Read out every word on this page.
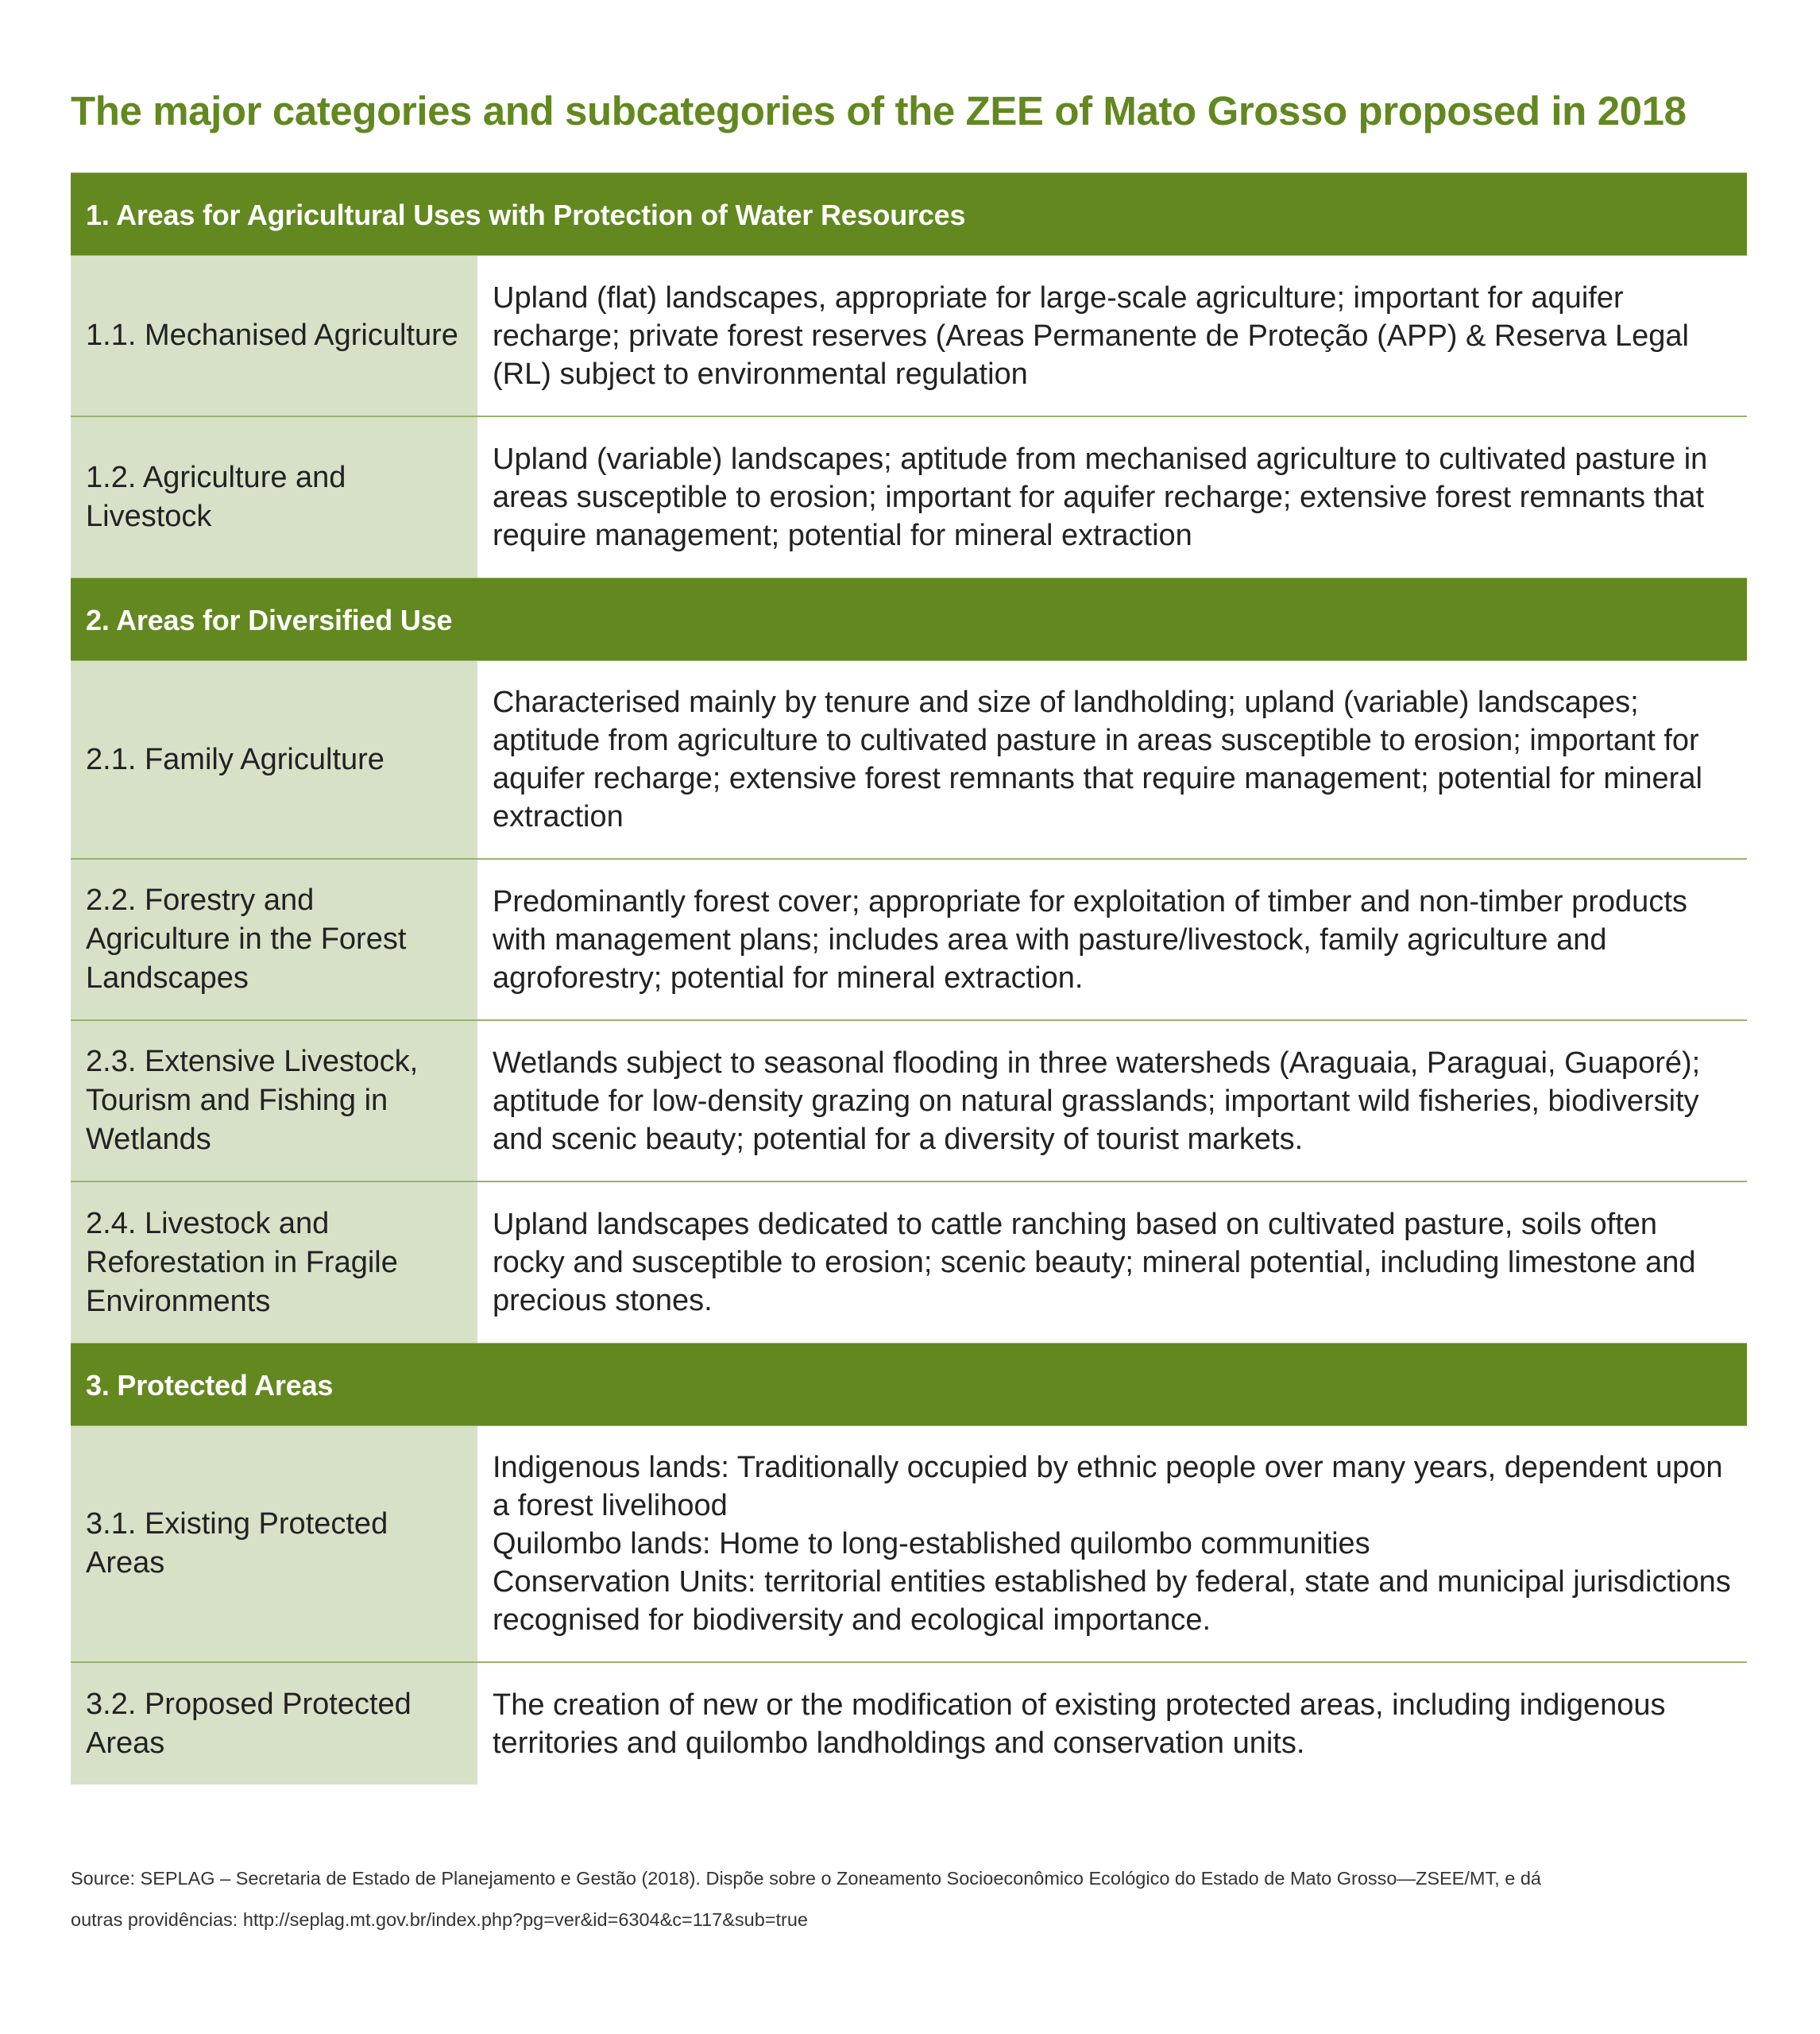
The major categories and subcategories of the ZEE of Mato Grosso proposed in 2018
1. Areas for Agricultural Uses with Protection of Water Resources
1.1. Mechanised Agriculture
Upland (flat) landscapes, appropriate for large-scale agriculture; important for aquifer recharge; private forest reserves (Areas Permanente de Proteção (APP) & Reserva Legal (RL) subject to environmental regulation
1.2. Agriculture and Livestock
Upland (variable) landscapes; aptitude from mechanised agriculture to cultivated pasture in areas susceptible to erosion; important for aquifer recharge; extensive forest remnants that require management; potential for mineral extraction
2. Areas for Diversified Use
2.1. Family Agriculture
Characterised mainly by tenure and size of landholding; upland (variable) landscapes; aptitude from agriculture to cultivated pasture in areas susceptible to erosion; important for aquifer recharge; extensive forest remnants that require management; potential for mineral extraction
2.2. Forestry and Agriculture in the Forest Landscapes
Predominantly forest cover; appropriate for exploitation of timber and non-timber products with management plans; includes area with pasture/livestock, family agriculture and agroforestry; potential for mineral extraction.
2.3. Extensive Livestock, Tourism and Fishing in Wetlands
Wetlands subject to seasonal flooding in three watersheds (Araguaia, Paraguai, Guaporé); aptitude for low-density grazing on natural grasslands; important wild fisheries, biodiversity and scenic beauty; potential for a diversity of tourist markets.
2.4. Livestock and Reforestation in Fragile Environments
Upland landscapes dedicated to cattle ranching based on cultivated pasture, soils often rocky and susceptible to erosion; scenic beauty; mineral potential, including limestone and precious stones.
3. Protected Areas
3.1. Existing Protected Areas
Indigenous lands: Traditionally occupied by ethnic people over many years, dependent upon a forest livelihood
Quilombo lands: Home to long-established quilombo communities
Conservation Units: territorial entities established by federal, state and municipal jurisdictions recognised for biodiversity and ecological importance.
3.2. Proposed Protected Areas
The creation of new or the modification of existing protected areas, including indigenous territories and quilombo landholdings and conservation units.
Source: SEPLAG – Secretaria de Estado de Planejamento e Gestão (2018). Dispõe sobre o Zoneamento Socioeconômico Ecológico do Estado de Mato Grosso—ZSEE/MT, e dá
outras providências: http://seplag.mt.gov.br/index.php?pg=ver&id=6304&c=117&sub=true
